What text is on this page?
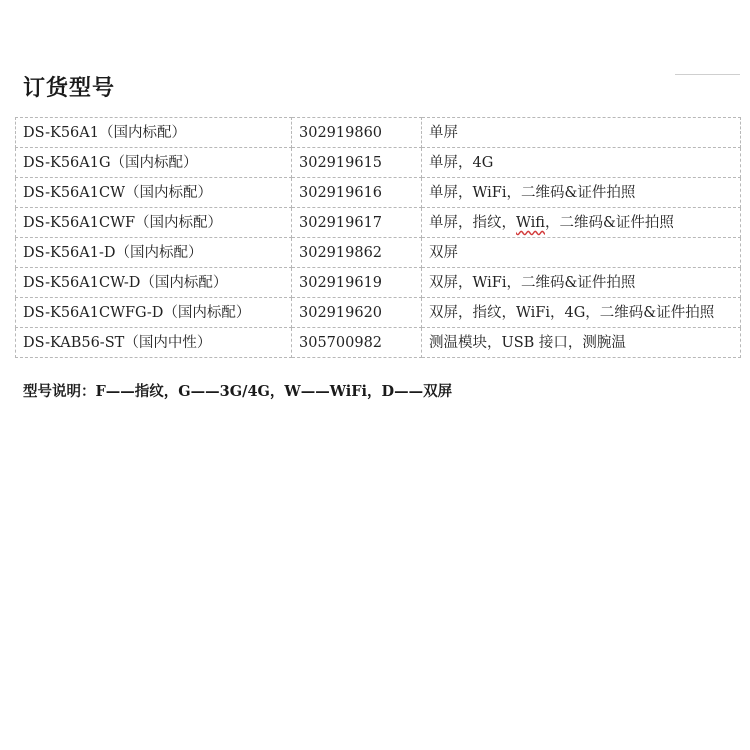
订货型号
DS-K56A1（国内标配）	302919860	单屏
DS-K56A1G（国内标配）	302919615	单屏，4G
DS-K56A1CW（国内标配）	302919616	单屏，WiFi，二维码&证件拍照
DS-K56A1CWF（国内标配）	302919617	单屏，指纹，Wifi，二维码&证件拍照
DS-K56A1-D（国内标配）	302919862	双屏
DS-K56A1CW-D（国内标配）	302919619	双屏，WiFi，二维码&证件拍照
DS-K56A1CWFG-D（国内标配）	302919620	双屏，指纹，WiFi，4G，二维码&证件拍照
DS-KAB56-ST（国内中性）	305700982	测温模块，USB 接口，测腕温
型号说明：F——指纹，G——3G/4G，W——WiFi，D——双屏
